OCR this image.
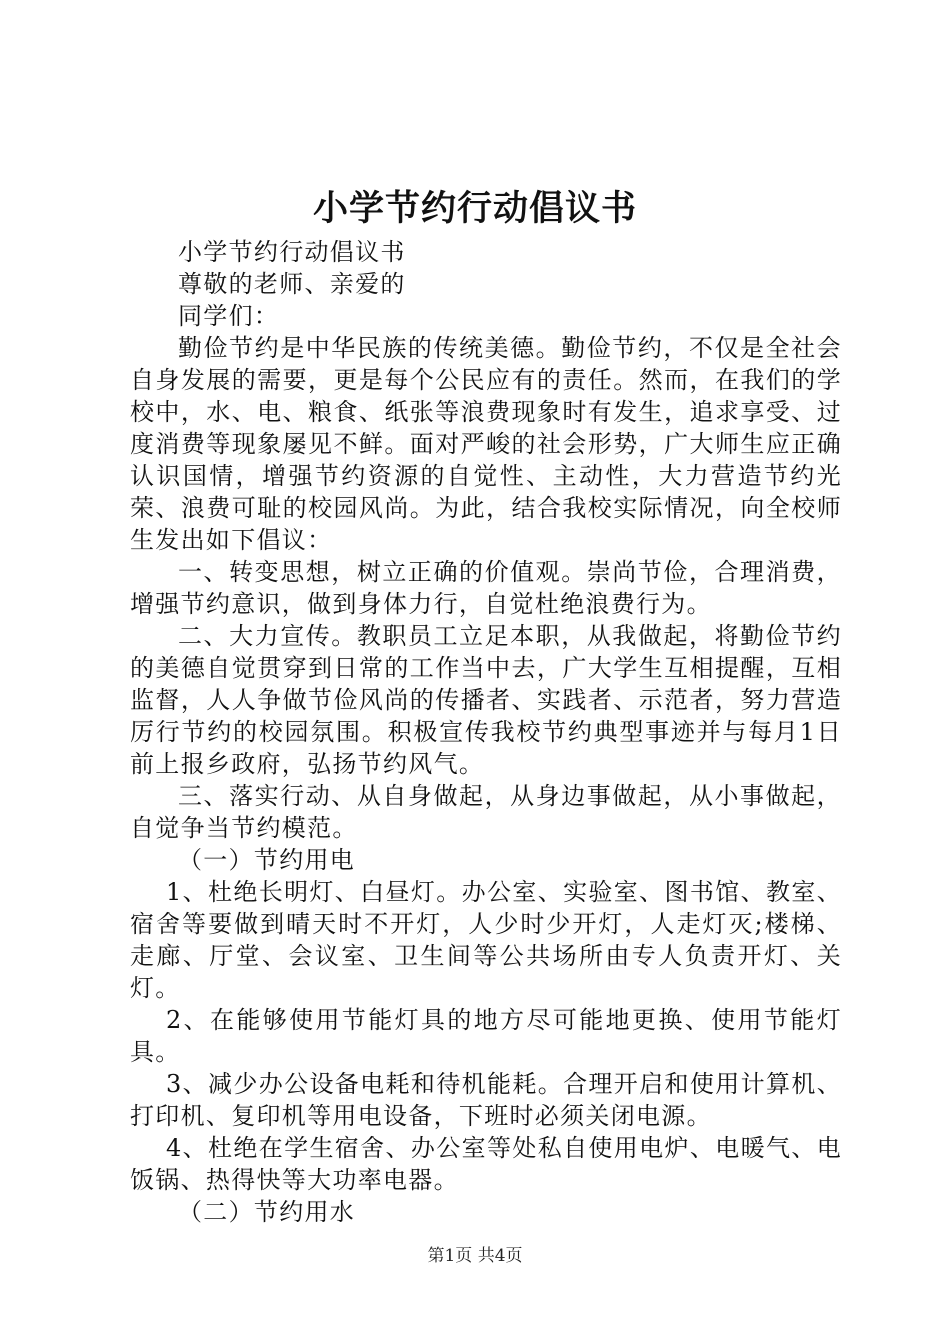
小学节约行动倡议书

小学节约行动倡议书

尊敬的老师、亲爱的

同学们：

勤俭节约是中华民族的传统美德。勤俭节约，不仅是全社会自身发展的需要，更是每个公民应有的责任。然而，在我们的学校中，水、电、粮食、纸张等浪费现象时有发生，追求享受、过度消费等现象屡见不鲜。面对严峻的社会形势，广大师生应正确认识国情，增强节约资源的自觉性、主动性，大力营造节约光荣、浪费可耻的校园风尚。为此，结合我校实际情况，向全校师生发出如下倡议：

一、转变思想，树立正确的价值观。崇尚节俭，合理消费，增强节约意识，做到身体力行，自觉杜绝浪费行为。

二、大力宣传。教职员工立足本职，从我做起，将勤俭节约的美德自觉贯穿到日常的工作当中去，广大学生互相提醒，互相监督，人人争做节俭风尚的传播者、实践者、示范者，努力营造厉行节约的校园氛围。积极宣传我校节约典型事迹并与每月1日前上报乡政府，弘扬节约风气。

三、落实行动、从自身做起，从身边事做起，从小事做起，自觉争当节约模范。

（一）节约用电

1、杜绝长明灯、白昼灯。办公室、实验室、图书馆、教室、宿舍等要做到晴天时不开灯，人少时少开灯，人走灯灭;楼梯、走廊、厅堂、会议室、卫生间等公共场所由专人负责开灯、关灯。

2、在能够使用节能灯具的地方尽可能地更换、使用节能灯具。

3、减少办公设备电耗和待机能耗。合理开启和使用计算机、打印机、复印机等用电设备，下班时必须关闭电源。

4、杜绝在学生宿舍、办公室等处私自使用电炉、电暖气、电饭锅、热得快等大功率电器。

（二）节约用水

第1页 共4页
